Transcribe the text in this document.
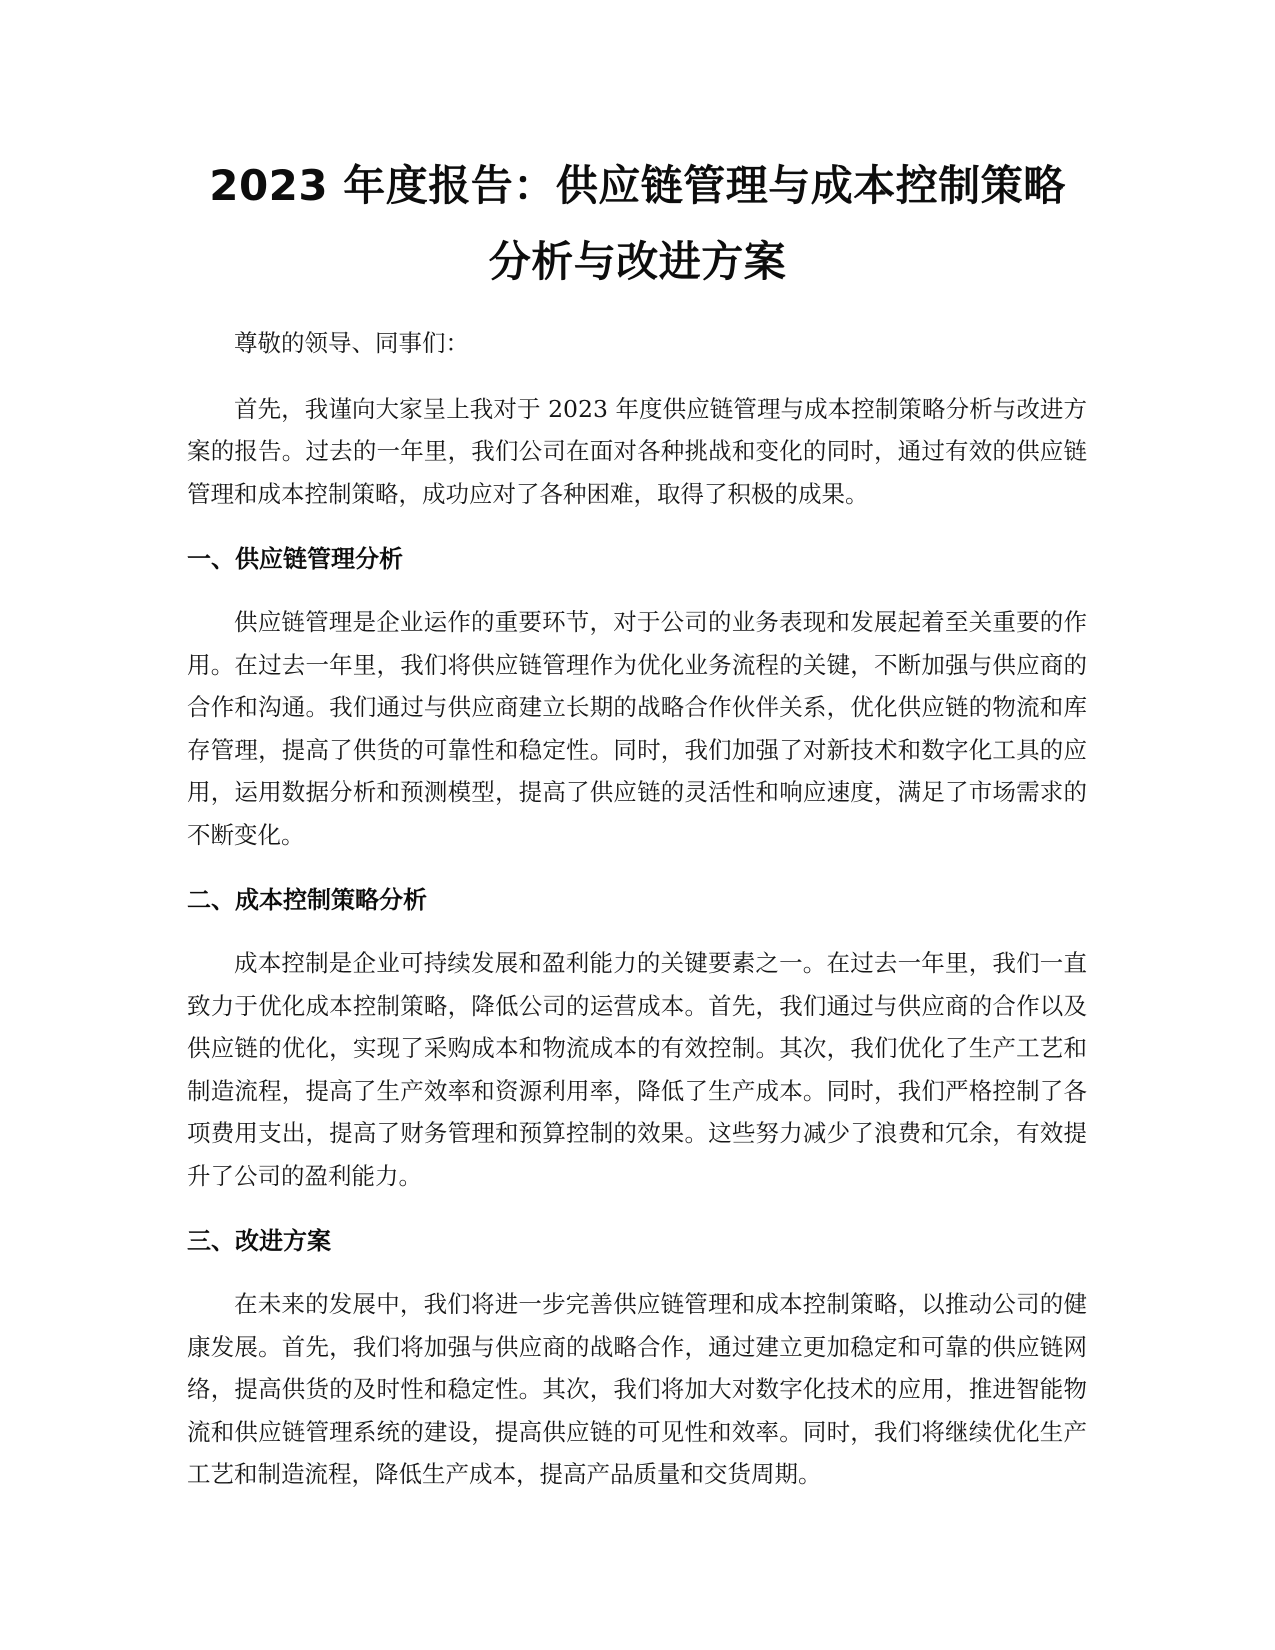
2023 年度报告：供应链管理与成本控制策略
分析与改进方案

尊敬的领导、同事们：

首先，我谨向大家呈上我对于 2023 年度供应链管理与成本控制策略分析与改进方案的报告。过去的一年里，我们公司在面对各种挑战和变化的同时，通过有效的供应链管理和成本控制策略，成功应对了各种困难，取得了积极的成果。

一、供应链管理分析

供应链管理是企业运作的重要环节，对于公司的业务表现和发展起着至关重要的作用。在过去一年里，我们将供应链管理作为优化业务流程的关键，不断加强与供应商的合作和沟通。我们通过与供应商建立长期的战略合作伙伴关系，优化供应链的物流和库存管理，提高了供货的可靠性和稳定性。同时，我们加强了对新技术和数字化工具的应用，运用数据分析和预测模型，提高了供应链的灵活性和响应速度，满足了市场需求的不断变化。

二、成本控制策略分析

成本控制是企业可持续发展和盈利能力的关键要素之一。在过去一年里，我们一直致力于优化成本控制策略，降低公司的运营成本。首先，我们通过与供应商的合作以及供应链的优化，实现了采购成本和物流成本的有效控制。其次，我们优化了生产工艺和制造流程，提高了生产效率和资源利用率，降低了生产成本。同时，我们严格控制了各项费用支出，提高了财务管理和预算控制的效果。这些努力减少了浪费和冗余，有效提升了公司的盈利能力。

三、改进方案

在未来的发展中，我们将进一步完善供应链管理和成本控制策略，以推动公司的健康发展。首先，我们将加强与供应商的战略合作，通过建立更加稳定和可靠的供应链网络，提高供货的及时性和稳定性。其次，我们将加大对数字化技术的应用，推进智能物流和供应链管理系统的建设，提高供应链的可见性和效率。同时，我们将继续优化生产工艺和制造流程，降低生产成本，提高产品质量和交货周期。
